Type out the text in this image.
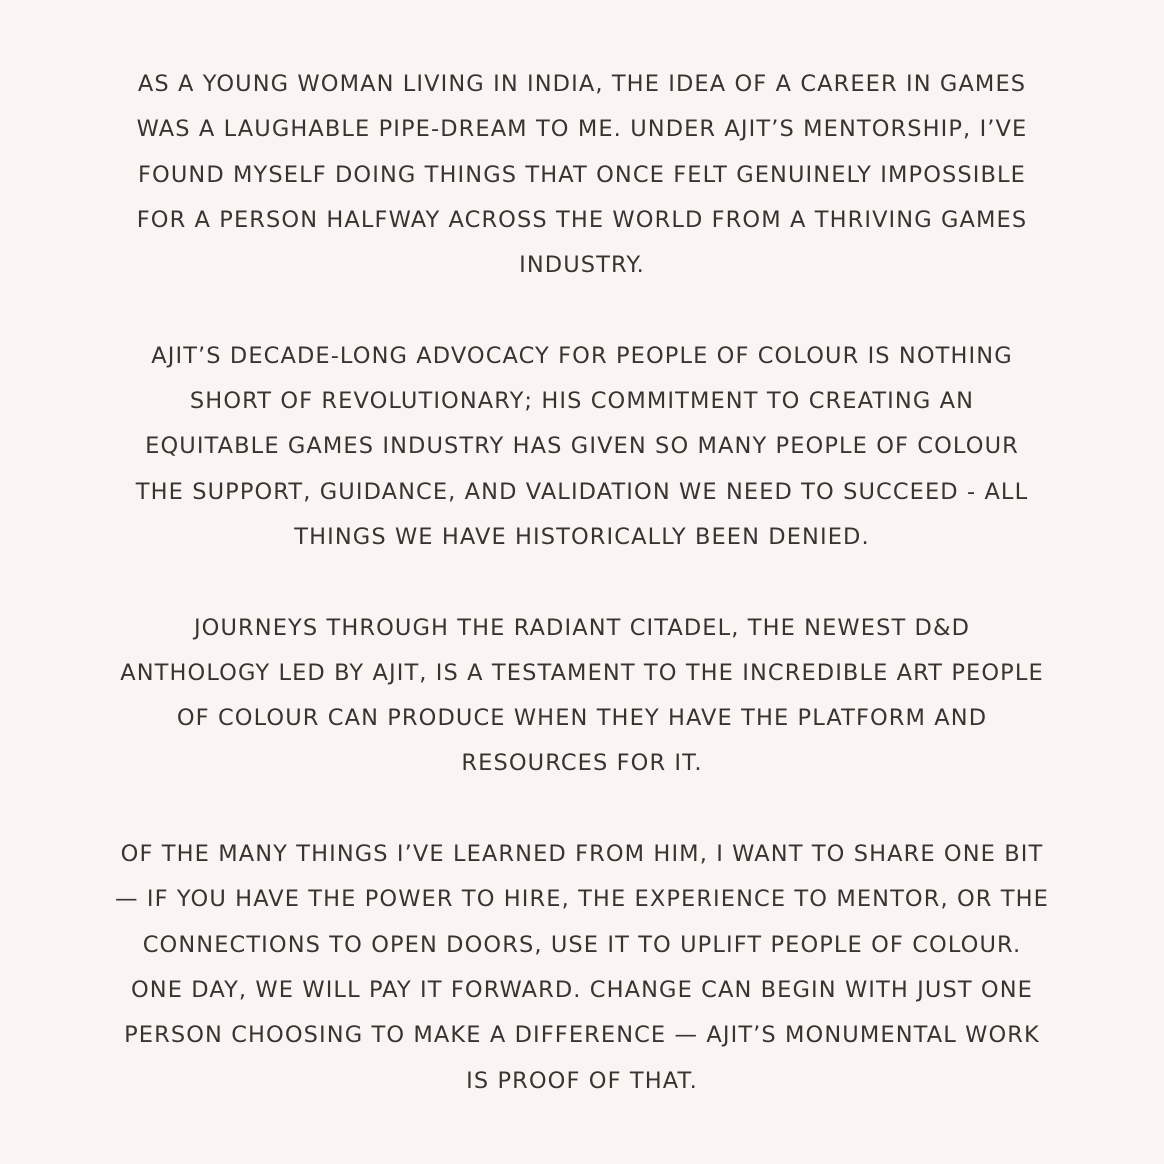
AS A YOUNG WOMAN LIVING IN INDIA, THE IDEA OF A CAREER IN GAMES
WAS A LAUGHABLE PIPE-DREAM TO ME. UNDER AJIT’S MENTORSHIP, I’VE
FOUND MYSELF DOING THINGS THAT ONCE FELT GENUINELY IMPOSSIBLE
FOR A PERSON HALFWAY ACROSS THE WORLD FROM A THRIVING GAMES
INDUSTRY.

AJIT’S DECADE-LONG ADVOCACY FOR PEOPLE OF COLOUR IS NOTHING
SHORT OF REVOLUTIONARY; HIS COMMITMENT TO CREATING AN
EQUITABLE GAMES INDUSTRY HAS GIVEN SO MANY PEOPLE OF COLOUR
THE SUPPORT, GUIDANCE, AND VALIDATION WE NEED TO SUCCEED - ALL
THINGS WE HAVE HISTORICALLY BEEN DENIED.

JOURNEYS THROUGH THE RADIANT CITADEL, THE NEWEST D&D
ANTHOLOGY LED BY AJIT, IS A TESTAMENT TO THE INCREDIBLE ART PEOPLE
OF COLOUR CAN PRODUCE WHEN THEY HAVE THE PLATFORM AND
RESOURCES FOR IT.

OF THE MANY THINGS I’VE LEARNED FROM HIM, I WANT TO SHARE ONE BIT
— IF YOU HAVE THE POWER TO HIRE, THE EXPERIENCE TO MENTOR, OR THE
CONNECTIONS TO OPEN DOORS, USE IT TO UPLIFT PEOPLE OF COLOUR.
ONE DAY, WE WILL PAY IT FORWARD. CHANGE CAN BEGIN WITH JUST ONE
PERSON CHOOSING TO MAKE A DIFFERENCE — AJIT’S MONUMENTAL WORK
IS PROOF OF THAT.
